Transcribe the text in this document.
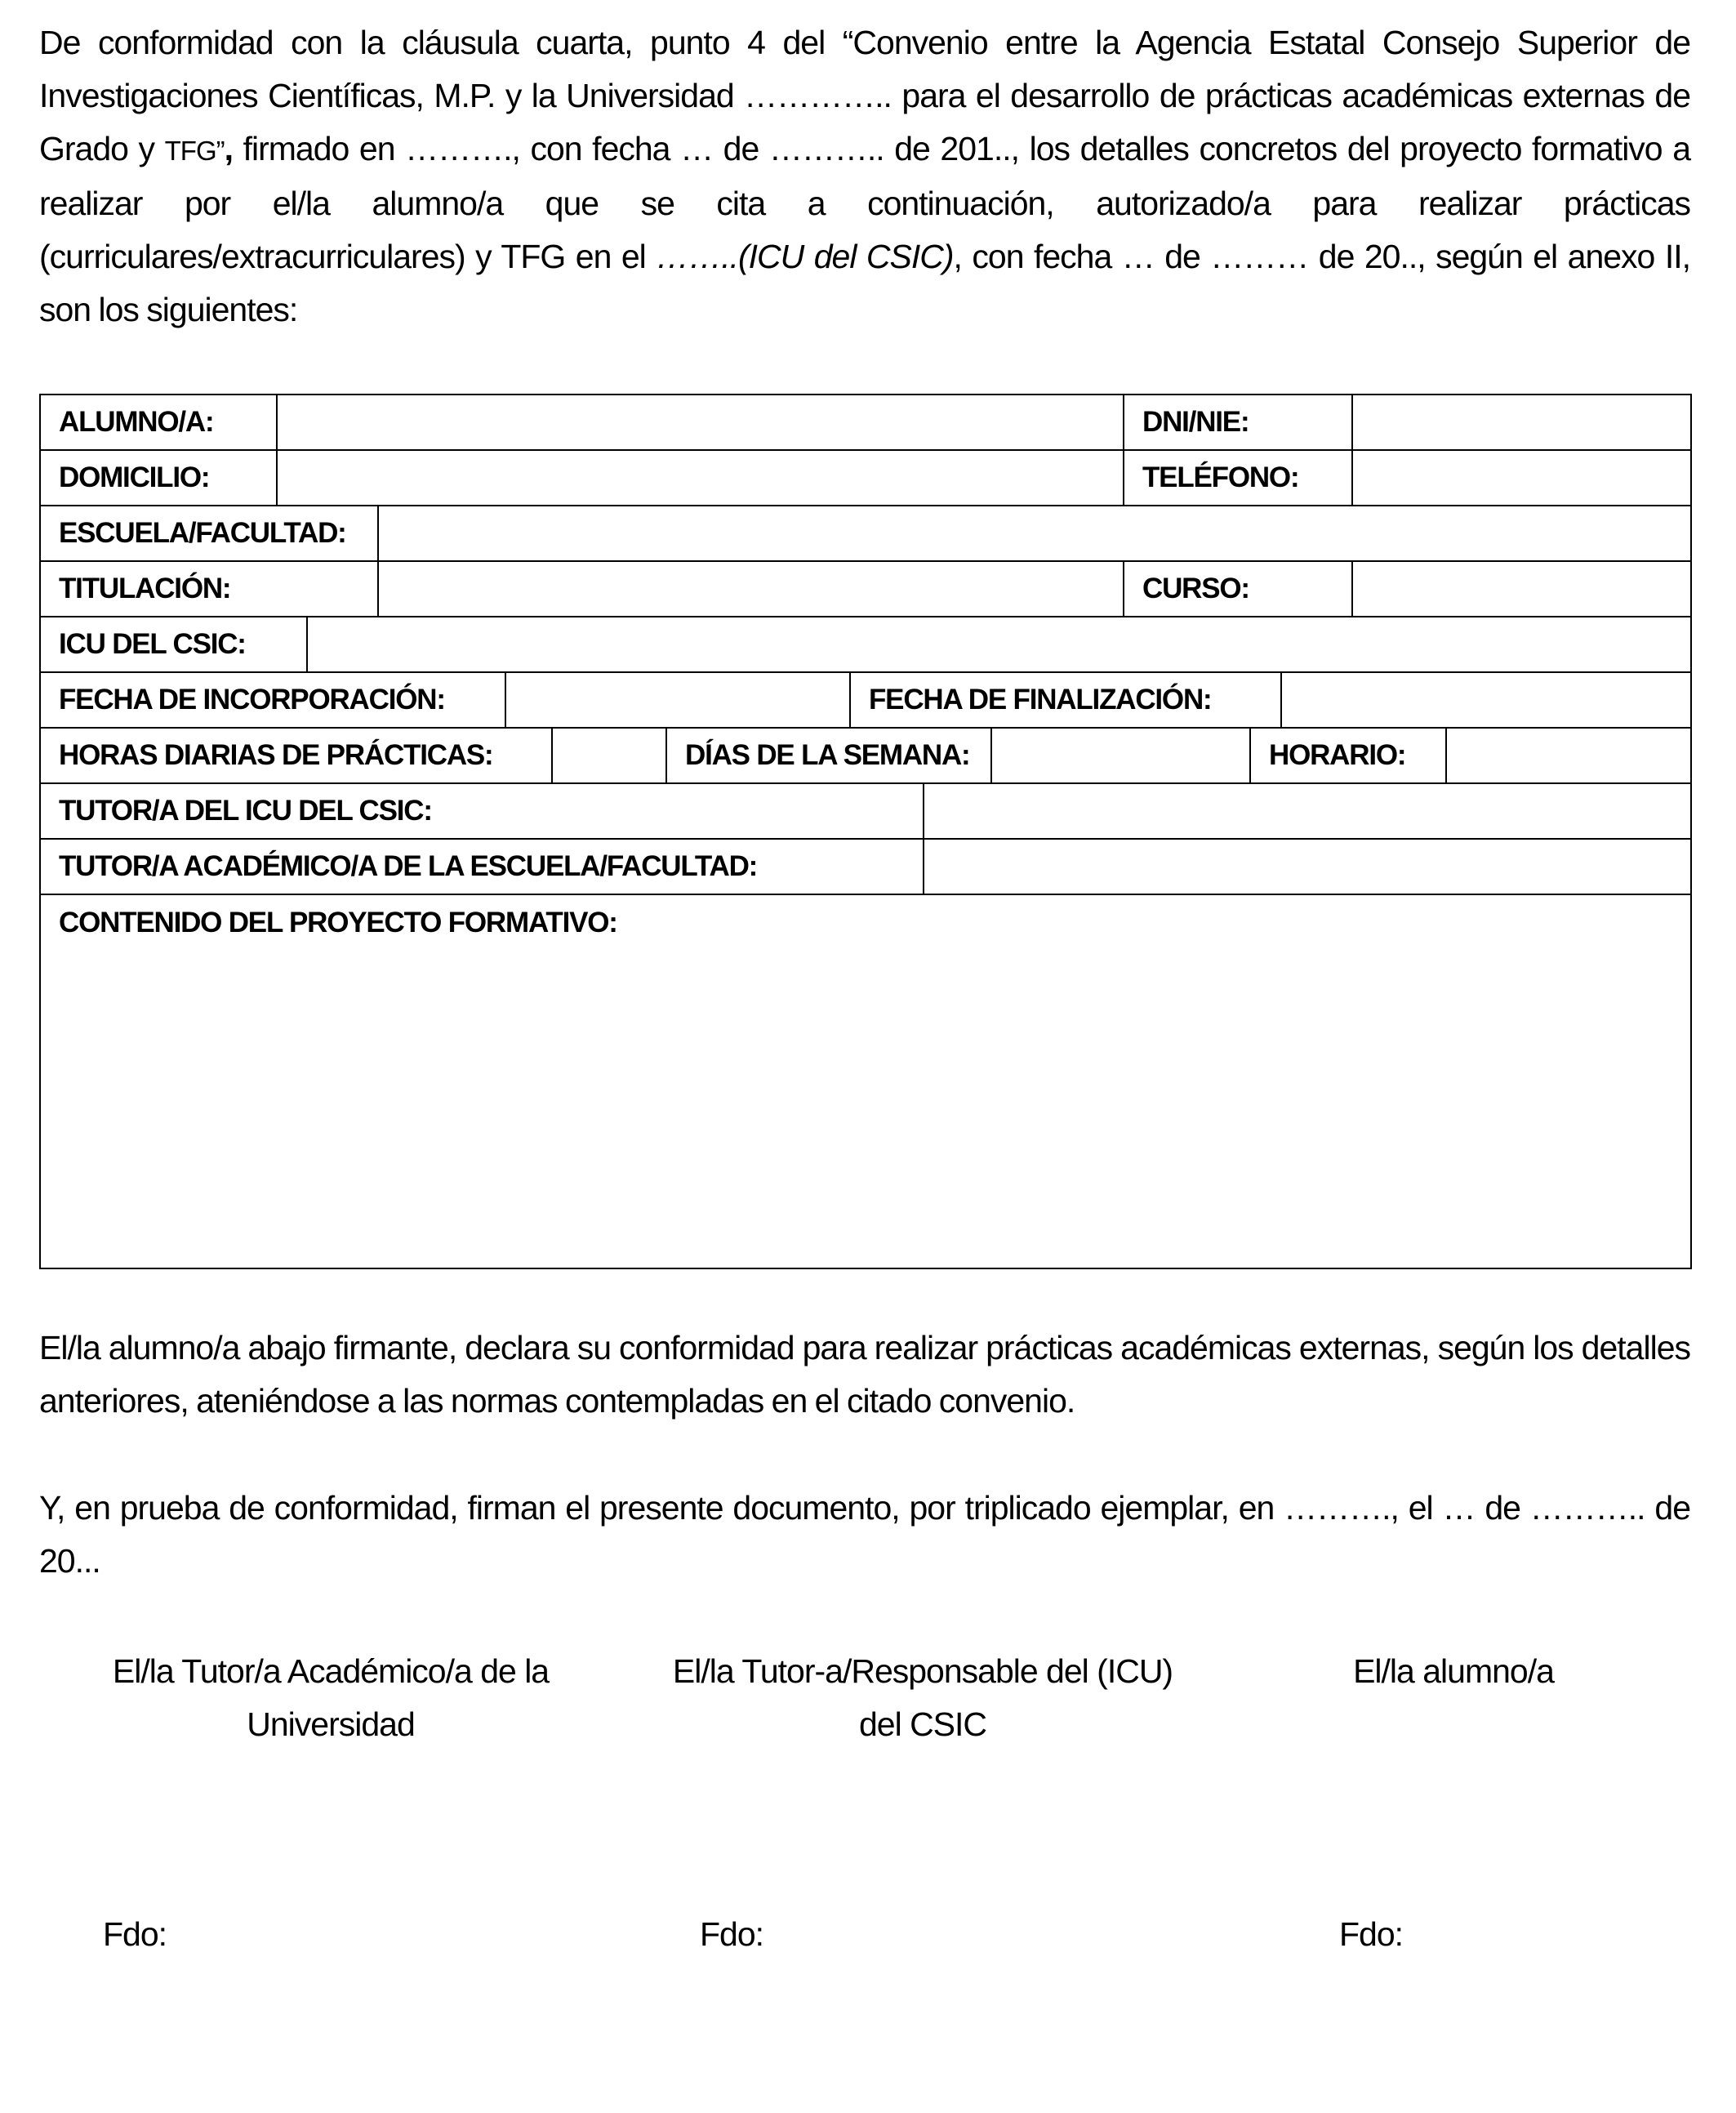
De conformidad con la cláusula cuarta, punto 4 del “Convenio entre la Agencia Estatal Consejo Superior de Investigaciones Científicas, M.P. y la Universidad ………….. para el desarrollo de prácticas académicas externas de Grado y TFG”, firmado en ………., con fecha … de ……….. de 201.., los detalles concretos del proyecto formativo a realizar por el/la alumno/a que se cita a continuación, autorizado/a para realizar prácticas (curriculares/extracurriculares) y TFG en el ……..(ICU del CSIC), con fecha … de ……… de 20.., según el anexo II, son los siguientes:

ALUMNO/A:	DNI/NIE:
DOMICILIO:	TELÉFONO:
ESCUELA/FACULTAD:
TITULACIÓN:	CURSO:
ICU DEL CSIC:
FECHA DE INCORPORACIÓN:	FECHA DE FINALIZACIÓN:
HORAS DIARIAS DE PRÁCTICAS:	DÍAS DE LA SEMANA:	HORARIO:
TUTOR/A DEL ICU DEL CSIC:
TUTOR/A ACADÉMICO/A DE LA ESCUELA/FACULTAD:
CONTENIDO DEL PROYECTO FORMATIVO:

El/la alumno/a abajo firmante, declara su conformidad para realizar prácticas académicas externas, según los detalles anteriores, ateniéndose a las normas contempladas en el citado convenio.

Y, en prueba de conformidad, firman el presente documento, por triplicado ejemplar, en ………., el … de ……….. de 20...

El/la Tutor/a Académico/a de la
Universidad
El/la Tutor-a/Responsable del (ICU)
del CSIC
El/la alumno/a
Fdo:	Fdo:	Fdo:
